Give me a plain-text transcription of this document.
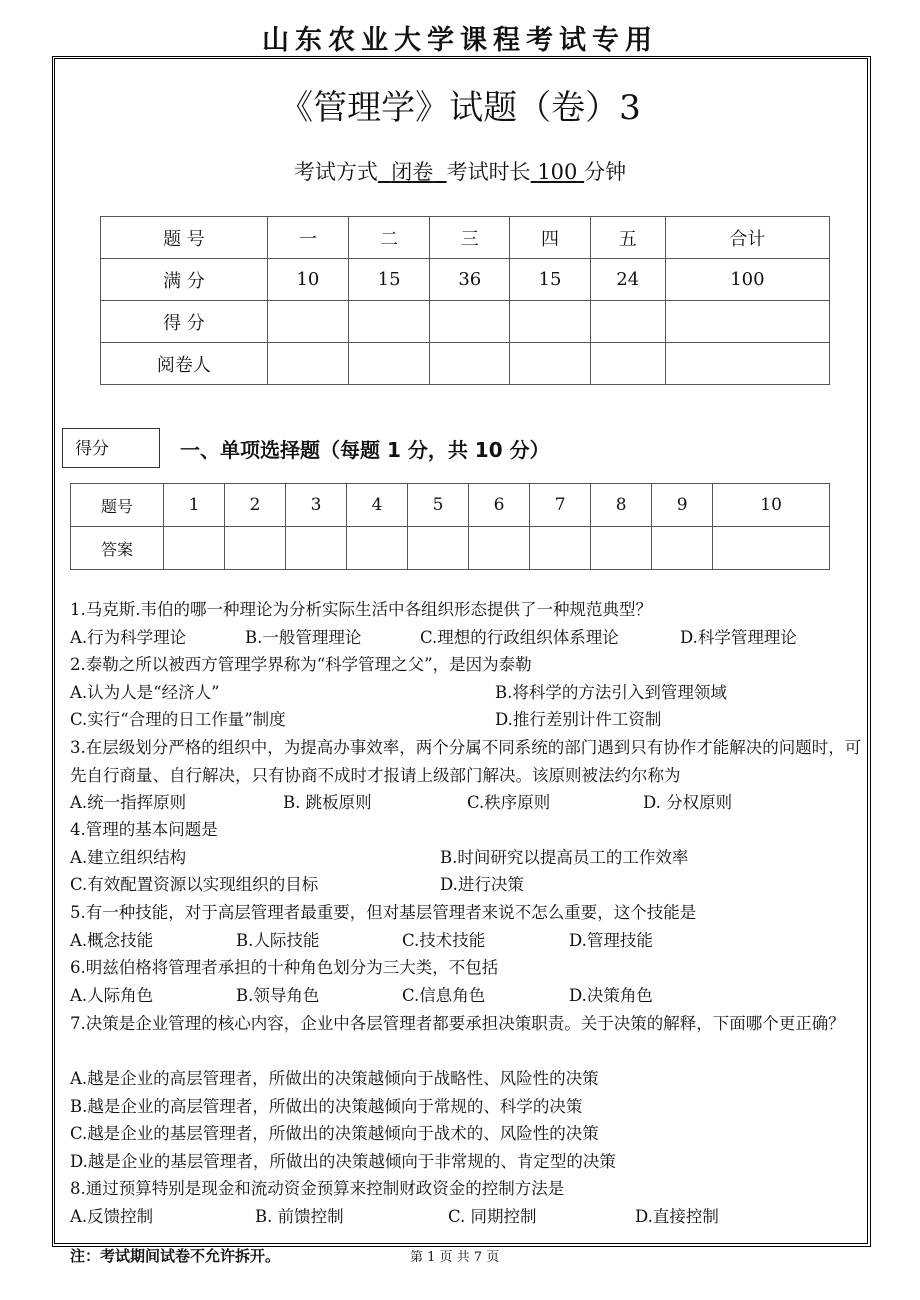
山东农业大学课程考试专用
《管理学》试题（卷）3
考试方式 闭卷 考试时长 100 分钟
题 号	一	二	三	四	五	合计
满 分	10	15	36	15	24	100
得 分						
阅卷人						
得分	一、单项选择题（每题 1 分，共 10 分）
题号	1	2	3	4	5	6	7	8	9	10
答案										
1.马克斯.韦伯的哪一种理论为分析实际生活中各组织形态提供了一种规范典型？
A.行为科学理论	B.一般管理理论	C.理想的行政组织体系理论	D.科学管理理论
2.泰勒之所以被西方管理学界称为“科学管理之父”，是因为泰勒
A.认为人是“经济人”	B.将科学的方法引入到管理领域
C.实行“合理的日工作量”制度	D.推行差别计件工资制
3.在层级划分严格的组织中，为提高办事效率，两个分属不同系统的部门遇到只有协作才能解决的问题时，可先自行商量、自行解决，只有协商不成时才报请上级部门解决。该原则被法约尔称为
A.统一指挥原则	B. 跳板原则	C.秩序原则	D. 分权原则
4.管理的基本问题是
A.建立组织结构	B.时间研究以提高员工的工作效率
C.有效配置资源以实现组织的目标	D.进行决策
5.有一种技能，对于高层管理者最重要，但对基层管理者来说不怎么重要，这个技能是
A.概念技能	B.人际技能	C.技术技能	D.管理技能
6.明兹伯格将管理者承担的十种角色划分为三大类，不包括
A.人际角色	B.领导角色	C.信息角色	D.决策角色
7.决策是企业管理的核心内容，企业中各层管理者都要承担决策职责。关于决策的解释，下面哪个更正确？
A.越是企业的高层管理者，所做出的决策越倾向于战略性、风险性的决策
B.越是企业的高层管理者，所做出的决策越倾向于常规的、科学的决策
C.越是企业的基层管理者，所做出的决策越倾向于战术的、风险性的决策
D.越是企业的基层管理者，所做出的决策越倾向于非常规的、肯定型的决策
8.通过预算特别是现金和流动资金预算来控制财政资金的控制方法是
A.反馈控制	B. 前馈控制	C. 同期控制	D.直接控制
注：考试期间试卷不允许拆开。	第 1 页 共 7 页
